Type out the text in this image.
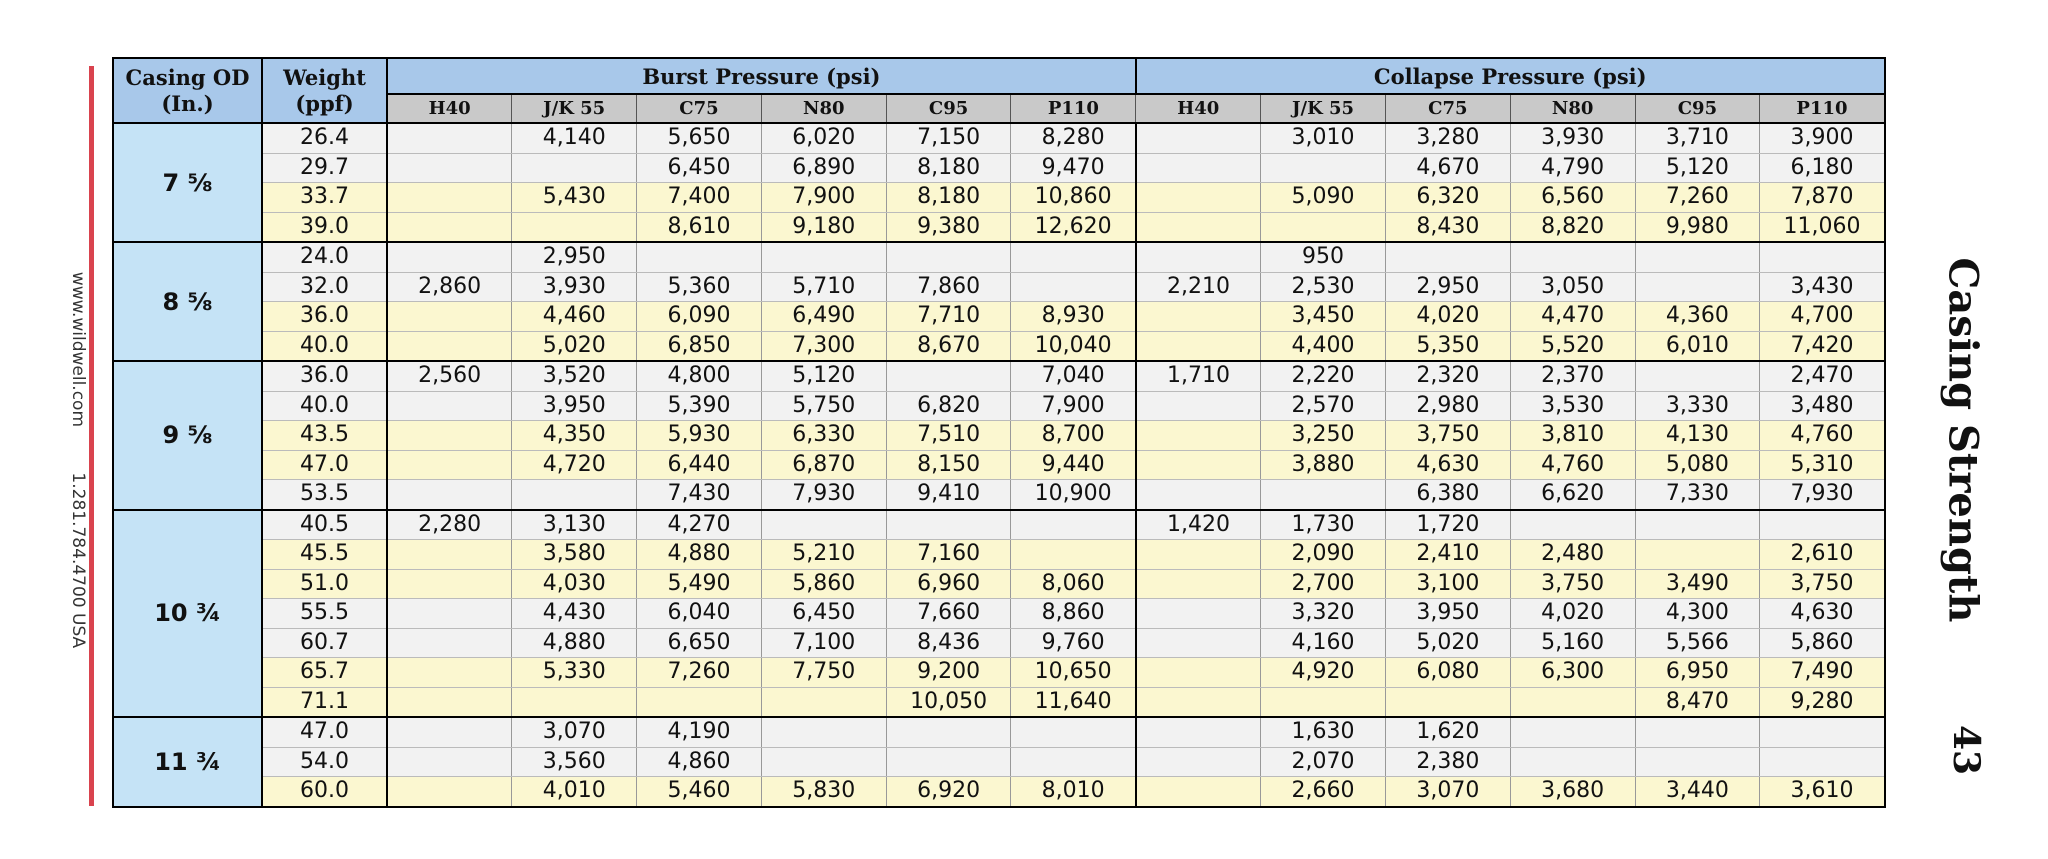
www.wildwell.com 1.281.784.4700 USA	Casing Strength
43
Casing OD
(In.)	Weight
(ppf)	Burst Pressure (psi)						Collapse Pressure (psi)					
		H40	J/K 55	C75	N80	C95	P110	H40	J/K 55	C75	N80	C95	P110
7 ⅝	26.4		4,140	5,650	6,020	7,150	8,280		3,010	3,280	3,930	3,710	3,900
	29.7			6,450	6,890	8,180	9,470			4,670	4,790	5,120	6,180
	33.7		5,430	7,400	7,900	8,180	10,860		5,090	6,320	6,560	7,260	7,870
	39.0			8,610	9,180	9,380	12,620			8,430	8,820	9,980	11,060
8 ⅝	24.0		2,950						950				
	32.0	2,860	3,930	5,360	5,710	7,860		2,210	2,530	2,950	3,050		3,430
	36.0		4,460	6,090	6,490	7,710	8,930		3,450	4,020	4,470	4,360	4,700
	40.0		5,020	6,850	7,300	8,670	10,040		4,400	5,350	5,520	6,010	7,420
9 ⅝	36.0	2,560	3,520	4,800	5,120		7,040	1,710	2,220	2,320	2,370		2,470
	40.0		3,950	5,390	5,750	6,820	7,900		2,570	2,980	3,530	3,330	3,480
	43.5		4,350	5,930	6,330	7,510	8,700		3,250	3,750	3,810	4,130	4,760
	47.0		4,720	6,440	6,870	8,150	9,440		3,880	4,630	4,760	5,080	5,310
	53.5			7,430	7,930	9,410	10,900			6,380	6,620	7,330	7,930
10 ¾	40.5	2,280	3,130	4,270				1,420	1,730	1,720			
	45.5		3,580	4,880	5,210	7,160			2,090	2,410	2,480		2,610
	51.0		4,030	5,490	5,860	6,960	8,060		2,700	3,100	3,750	3,490	3,750
	55.5		4,430	6,040	6,450	7,660	8,860		3,320	3,950	4,020	4,300	4,630
	60.7		4,880	6,650	7,100	8,436	9,760		4,160	5,020	5,160	5,566	5,860
	65.7		5,330	7,260	7,750	9,200	10,650		4,920	6,080	6,300	6,950	7,490
	71.1					10,050	11,640					8,470	9,280
11 ¾	47.0		3,070	4,190					1,630	1,620			
	54.0		3,560	4,860					2,070	2,380			
	60.0		4,010	5,460	5,830	6,920	8,010		2,660	3,070	3,680	3,440	3,610
